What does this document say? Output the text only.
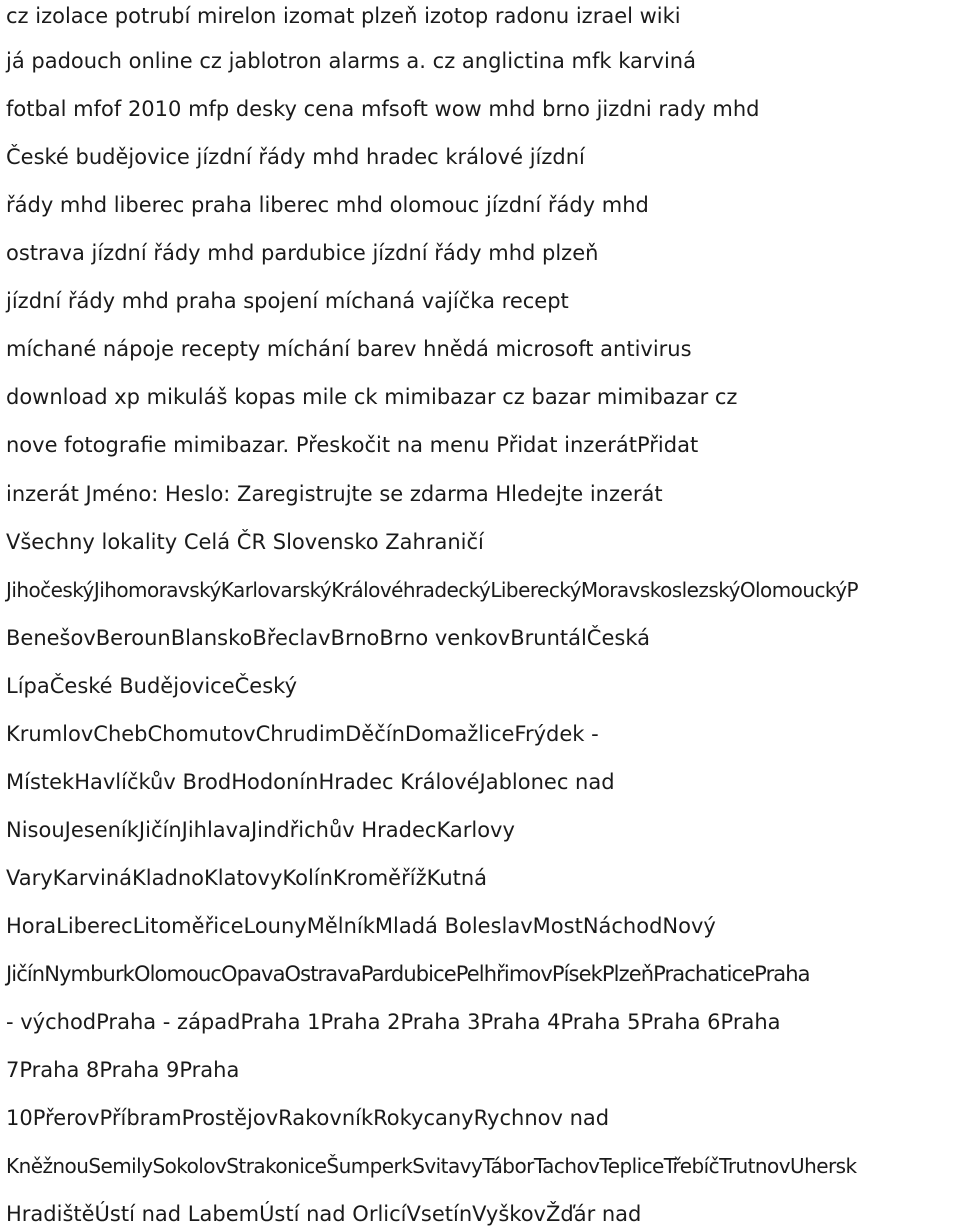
cz izolace potrubí mirelon izomat plzeň izotop radonu izrael wiki
já padouch online cz jablotron alarms a. cz anglictina mfk karviná
fotbal mfof 2010 mfp desky cena mfsoft wow mhd brno jizdni rady mhd
České budějovice jízdní řády mhd hradec králové jízdní
řády mhd liberec praha liberec mhd olomouc jízdní řády mhd
ostrava jízdní řády mhd pardubice jízdní řády mhd plzeň
jízdní řády mhd praha spojení míchaná vajíčka recept
míchané nápoje recepty míchání barev hnědá microsoft antivirus
download xp mikuláš kopas mile ck mimibazar cz bazar mimibazar cz
nove fotografie mimibazar. Přeskočit na menu Přidat inzerátPřidat
inzerát Jméno: Heslo: Zaregistrujte se zdarma Hledejte inzerát
Všechny lokality Celá ČR Slovensko Zahraničí
JihočeskýJihomoravskýKarlovarskýKrálovéhradeckýLibereckýMoravskoslezskýOlomouckýP
BenešovBerounBlanskoBřeclavBrnoBrno venkovBruntálČeská
LípaČeské BudějoviceČeský
KrumlovChebChomutovChrudimDěčínDomažliceFrýdek -
MístekHavlíčkův BrodHodonínHradec KrálovéJablonec nad
NisouJeseníkJičínJihlavaJindřichův HradecKarlovy
VaryKarvináKladnoKlatovyKolínKroměřížKutná
HoraLiberecLitoměřiceLounyMělníkMladá BoleslavMostNáchodNový
JičínNymburkOlomoucOpavaOstravaPardubicePelhřimovPísekPlzeňPrachaticePraha
- východPraha - západPraha 1Praha 2Praha 3Praha 4Praha 5Praha 6Praha
7Praha 8Praha 9Praha
10PřerovPříbramProstějovRakovníkRokycanyRychnov nad
KněžnouSemilySokolovStrakoniceŠumperkSvitavyTáborTachovTepliceTřebíčTrutnovUhersk
HradištěÚstí nad LabemÚstí nad OrlicíVsetínVyškovŽďár nad
